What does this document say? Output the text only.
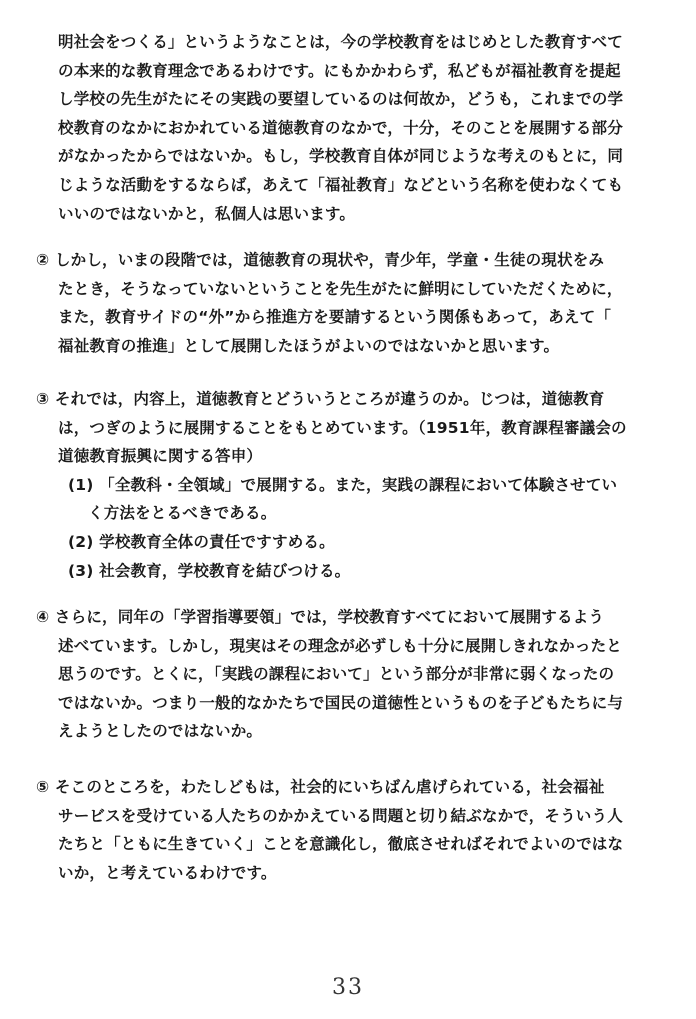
明社会をつくる」というようなことは，今の学校教育をはじめとした教育すべて
の本来的な教育理念であるわけです。にもかかわらず，私どもが福祉教育を提起
し学校の先生がたにその実践の要望しているのは何故か，どうも，これまでの学
校教育のなかにおかれている道徳教育のなかで，十分，そのことを展開する部分
がなかったからではないか。もし，学校教育自体が同じような考えのもとに，同
じような活動をするならば，あえて「福祉教育」などという名称を使わなくても
いいのではないかと，私個人は思います。
② しかし，いまの段階では，道徳教育の現状や，青少年，学童・生徒の現状をみ
たとき，そうなっていないということを先生がたに鮮明にしていただくために，
また，教育サイドの“外”から推進方を要請するという関係もあって，あえて「
福祉教育の推進」として展開したほうがよいのではないかと思います。
③ それでは，内容上，道徳教育とどういうところが違うのか。じつは，道徳教育
は，つぎのように展開することをもとめています。（1951年，教育課程審議会の
道徳教育振興に関する答申）
(1) 「全教科・全領域」で展開する。また，実践の課程において体験させてい
く方法をとるべきである。
(2) 学校教育全体の責任ですすめる。
(3) 社会教育，学校教育を結びつける。
④ さらに，同年の「学習指導要領」では，学校教育すべてにおいて展開するよう
述べています。しかし，現実はその理念が必ずしも十分に展開しきれなかったと
思うのです。とくに，「実践の課程において」という部分が非常に弱くなったの
ではないか。つまり一般的なかたちで国民の道徳性というものを子どもたちに与
えようとしたのではないか。
⑤ そこのところを，わたしどもは，社会的にいちばん虐げられている，社会福祉
サービスを受けている人たちのかかえている問題と切り結ぶなかで，そういう人
たちと「ともに生きていく」ことを意識化し，徹底させればそれでよいのではな
いか，と考えているわけです。
33
